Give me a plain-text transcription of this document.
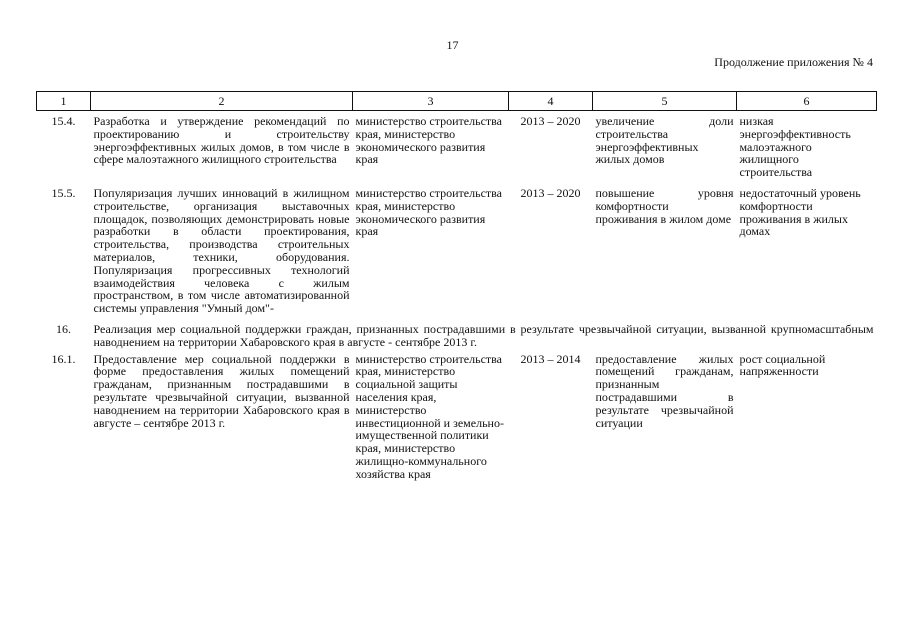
17
Продолжение приложения № 4
1	2	3	4	5	6
15.4.	Разработка и утверждение рекомендаций по проектированию и строительству энергоэффективных жилых домов, в том числе в сфере малоэтажного жилищного строительства	министерство строительства края, министерство экономического развития края	2013 – 2020	увеличение доли строительства энергоэффективных жилых домов	низкая энергоэффективность малоэтажного жилищного строительства
15.5.	Популяризация лучших инноваций в жилищном строительстве, организация выставочных площадок, позволяющих демонстрировать новые разработки в области проектирования, строительства, производства строительных материалов, техники, оборудования. Популяризация прогрессивных технологий взаимодействия человека с жилым пространством, в том числе автоматизированной системы управления "Умный дом"-	министерство строительства края, министерство экономического развития края	2013 – 2020	повышение уровня комфортности проживания в жилом доме	недостаточный уровень комфортности проживания в жилых домах
16.	Реализация мер социальной поддержки граждан, признанных пострадавшими в результате чрезвычайной ситуации, вызванной крупномасштабным наводнением на территории Хабаровского края в августе - сентябре 2013 г.				
16.1.	Предоставление мер социальной поддержки в форме предоставления жилых помещений гражданам, признанным пострадавшими в результате чрезвычайной ситуации, вызванной наводнением на территории Хабаровского края в августе – сентябре 2013 г.	министерство строительства края, министерство социальной защиты населения края, министерство инвестиционной и земельно-имущественной политики края, министерство жилищно-коммунального хозяйства края	2013 – 2014	предоставление жилых помещений гражданам, признанным пострадавшими в результате чрезвычайной ситуации	рост социальной напряженности
